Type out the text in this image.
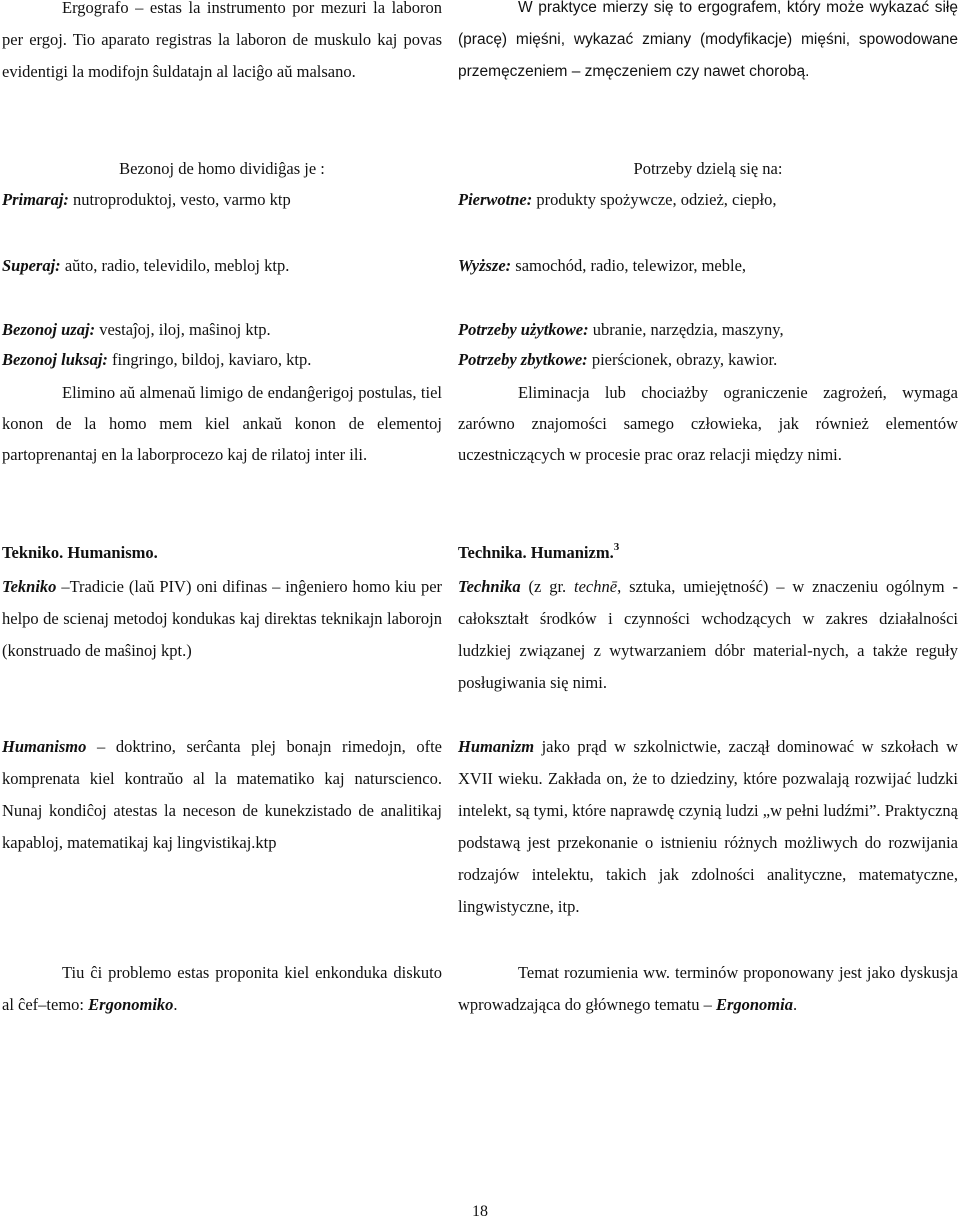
Ergografo – estas la instrumento por mezuri la laboron per ergoj. Tio aparato registras la laboron de muskulo kaj povas evidentigi la modifojn ŝuldatajn al laciĝo aŭ malsano.

Bezonoj de homo dividiĝas je :

Primaraj: nutroproduktoj, vesto, varmo ktp

Superaj: aŭto, radio, televidilo, mebloj ktp.

Bezonoj uzaj: vestaĵoj, iloj, maŝinoj ktp.

Bezonoj luksaj: fingringo, bildoj, kaviaro, ktp.

Elimino aŭ almenaŭ limigo de endanĝerigoj postulas, tiel konon de la homo mem kiel ankaŭ konon de elementoj partoprenantaj en la laborprocezo kaj de rilatoj inter ili.

Tekniko. Humanismo.

Tekniko –Tradicie (laŭ PIV) oni difinas – inĝeniero homo kiu per helpo de scienaj metodoj kondukas kaj direktas teknikajn laborojn (konstruado de maŝinoj kpt.)

Humanismo – doktrino, serĉanta plej bonajn rimedojn, ofte komprenata kiel kontraŭo al la matematiko kaj naturscienco. Nunaj kondiĉoj atestas la neceson de kunekzistado de analitikaj kapabloj, matematikaj kaj lingvistikaj.ktp

Tiu ĉi problemo estas proponita kiel enkonduka diskuto al ĉef–temo: Ergonomiko.

W praktyce mierzy się to ergografem, który może wykazać siłę (pracę) mięśni, wykazać zmiany (modyfikacje) mięśni, spowodowane przemęczeniem – zmęczeniem czy nawet chorobą.

Potrzeby dzielą się na:

Pierwotne: produkty spożywcze, odzież, ciepło,

Wyższe: samochód, radio, telewizor, meble,

Potrzeby użytkowe: ubranie, narzędzia, maszyny,

Potrzeby zbytkowe: pierścionek, obrazy, kawior.

Eliminacja lub chociażby ograniczenie zagrożeń, wymaga zarówno znajomości samego człowieka, jak również elementów uczestniczących w procesie prac oraz relacji między nimi.

Technika. Humanizm.$^3$

Technika (z gr. technē, sztuka, umiejętność) – w znaczeniu ogólnym - całokształt środków i czynności wchodzących w zakres działalności ludzkiej związanej z wytwarzaniem dóbr material-nych, a także reguły posługiwania się nimi.

Humanizm jako prąd w szkolnictwie, zaczął dominować w szkołach w XVII wieku. Zakłada on, że to dziedziny, które pozwalają rozwijać ludzki intelekt, są tymi, które naprawdę czynią ludzi „w pełni ludźmi”. Praktyczną podstawą jest przekonanie o istnieniu różnych możliwych do rozwijania rodzajów intelektu, takich jak zdolności analityczne, matematyczne, lingwistyczne, itp.

Temat rozumienia ww. terminów proponowany jest jako dyskusja wprowadzająca do głównego tematu – Ergonomia.

18
